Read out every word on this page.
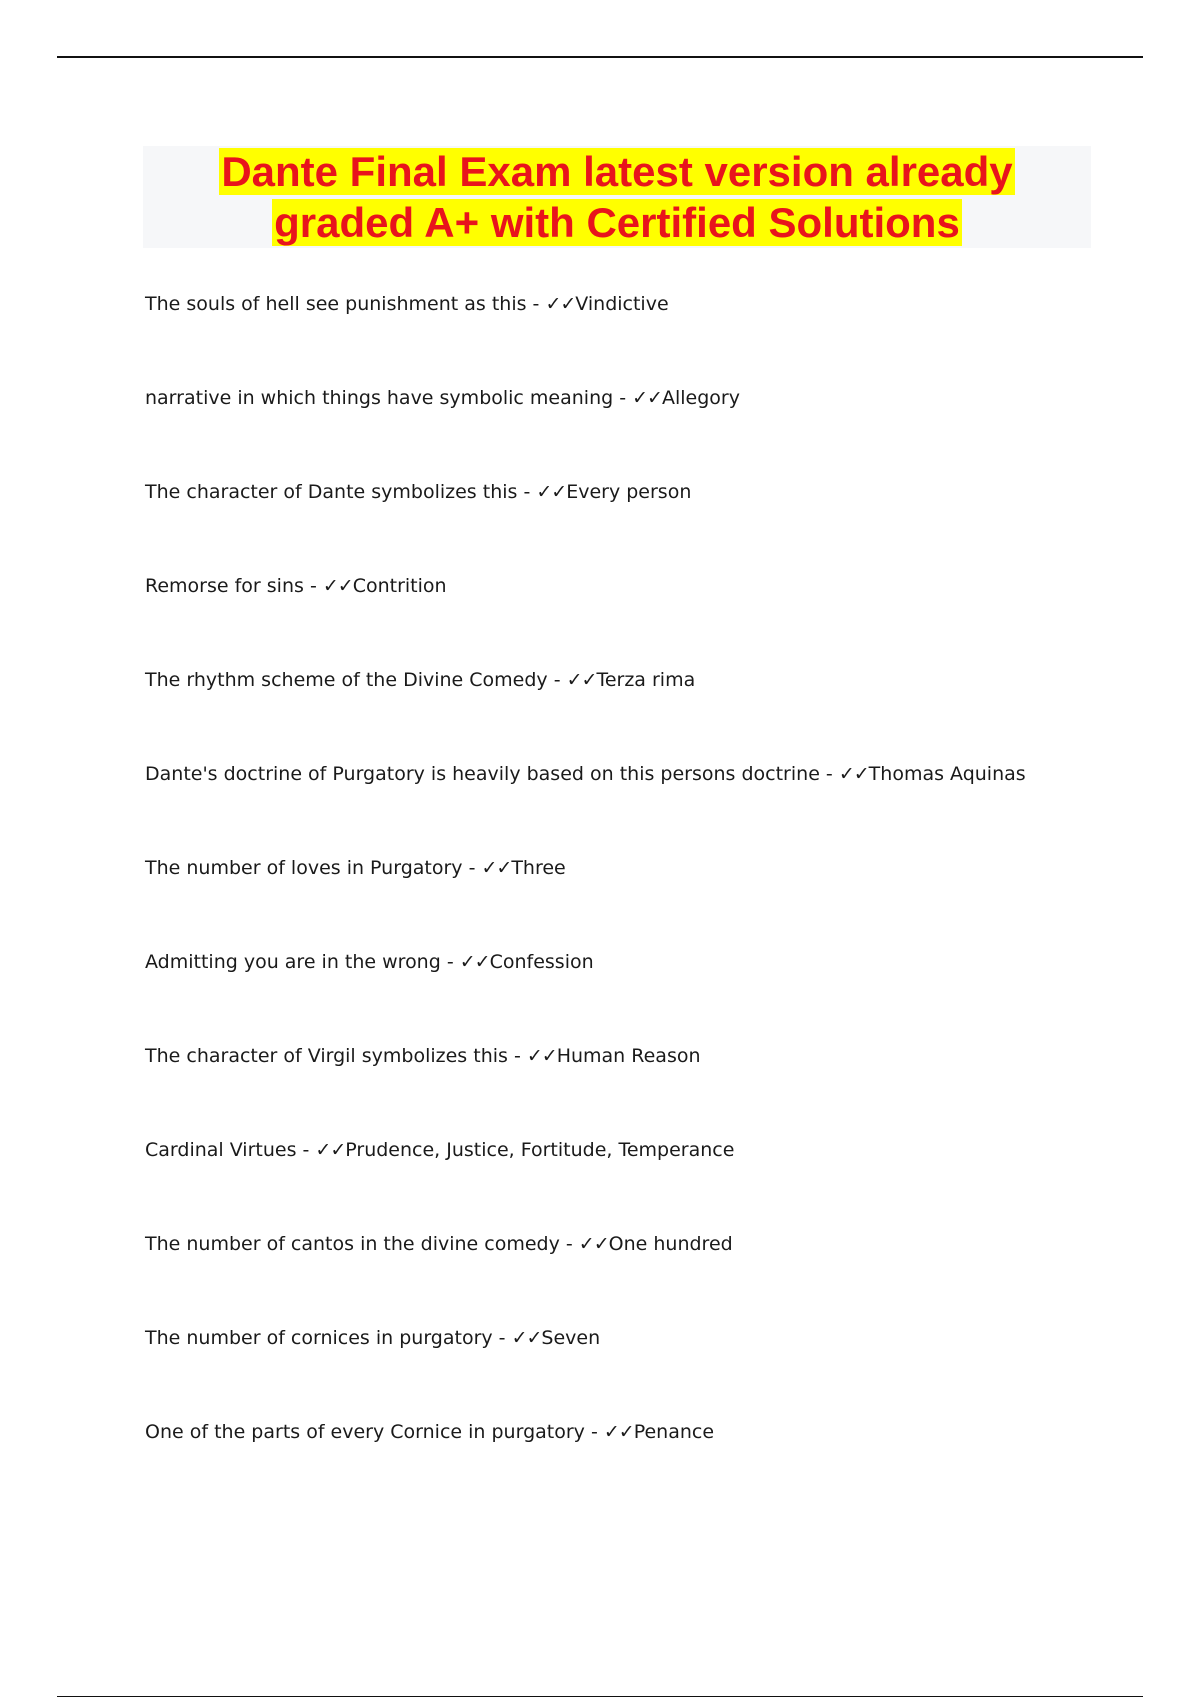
Dante Final Exam latest version already
graded A+ with Certified Solutions
The souls of hell see punishment as this - ✓✓Vindictive
narrative in which things have symbolic meaning - ✓✓Allegory
The character of Dante symbolizes this - ✓✓Every person
Remorse for sins - ✓✓Contrition
The rhythm scheme of the Divine Comedy - ✓✓Terza rima
Dante's doctrine of Purgatory is heavily based on this persons doctrine - ✓✓Thomas Aquinas
The number of loves in Purgatory - ✓✓Three
Admitting you are in the wrong - ✓✓Confession
The character of Virgil symbolizes this - ✓✓Human Reason
Cardinal Virtues - ✓✓Prudence, Justice, Fortitude, Temperance
The number of cantos in the divine comedy - ✓✓One hundred
The number of cornices in purgatory - ✓✓Seven
One of the parts of every Cornice in purgatory - ✓✓Penance
